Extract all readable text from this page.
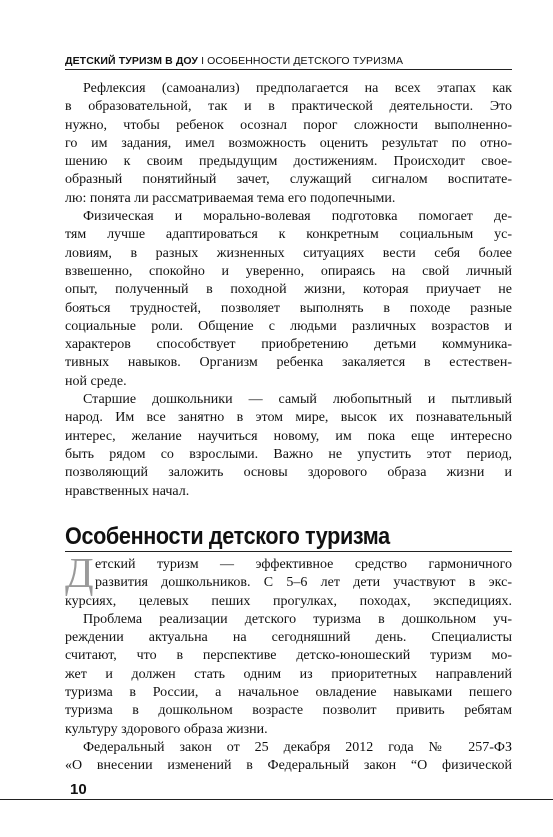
ДЕТСКИЙ ТУРИЗМ В ДОУ I ОСОБЕННОСТИ ДЕТСКОГО ТУРИЗМА
Рефлексия (самоанализ) предполагается на всех этапах как
в образовательной, так и в практической деятельности. Это
нужно, чтобы ребенок осознал порог сложности выполненно-
го им задания, имел возможность оценить результат по отно-
шению к своим предыдущим достижениям. Происходит свое-
образный понятийный зачет, служащий сигналом воспитате-
лю: понята ли рассматриваемая тема его подопечными.
Физическая и морально-волевая подготовка помогает де-
тям лучше адаптироваться к конкретным социальным ус-
ловиям, в разных жизненных ситуациях вести себя более
взвешенно, спокойно и уверенно, опираясь на свой личный
опыт, полученный в походной жизни, которая приучает не
бояться трудностей, позволяет выполнять в походе разные
социальные роли. Общение с людьми различных возрастов и
характеров способствует приобретению детьми коммуника-
тивных навыков. Организм ребенка закаляется в естествен-
ной среде.
Старшие дошкольники — самый любопытный и пытливый
народ. Им все занятно в этом мире, высок их познавательный
интерес, желание научиться новому, им пока еще интересно
быть рядом со взрослыми. Важно не упустить этот период,
позволяющий заложить основы здорового образа жизни и
нравственных начал.
Особенности детского туризма
Д етский туризм — эффективное средство гармоничного
развития дошкольников. С 5–6 лет дети участвуют в экс-
курсиях, целевых пеших прогулках, походах, экспедициях.
Проблема реализации детского туризма в дошкольном уч-
реждении актуальна на сегодняшний день. Специалисты
считают, что в перспективе детско-юношеский туризм мо-
жет и должен стать одним из приоритетных направлений
туризма в России, а начальное овладение навыками пешего
туризма в дошкольном возрасте позволит привить ребятам
культуру здорового образа жизни.
Федеральный закон от 25 декабря 2012 года № 257-ФЗ
«О внесении изменений в Федеральный закон “О физической
10
